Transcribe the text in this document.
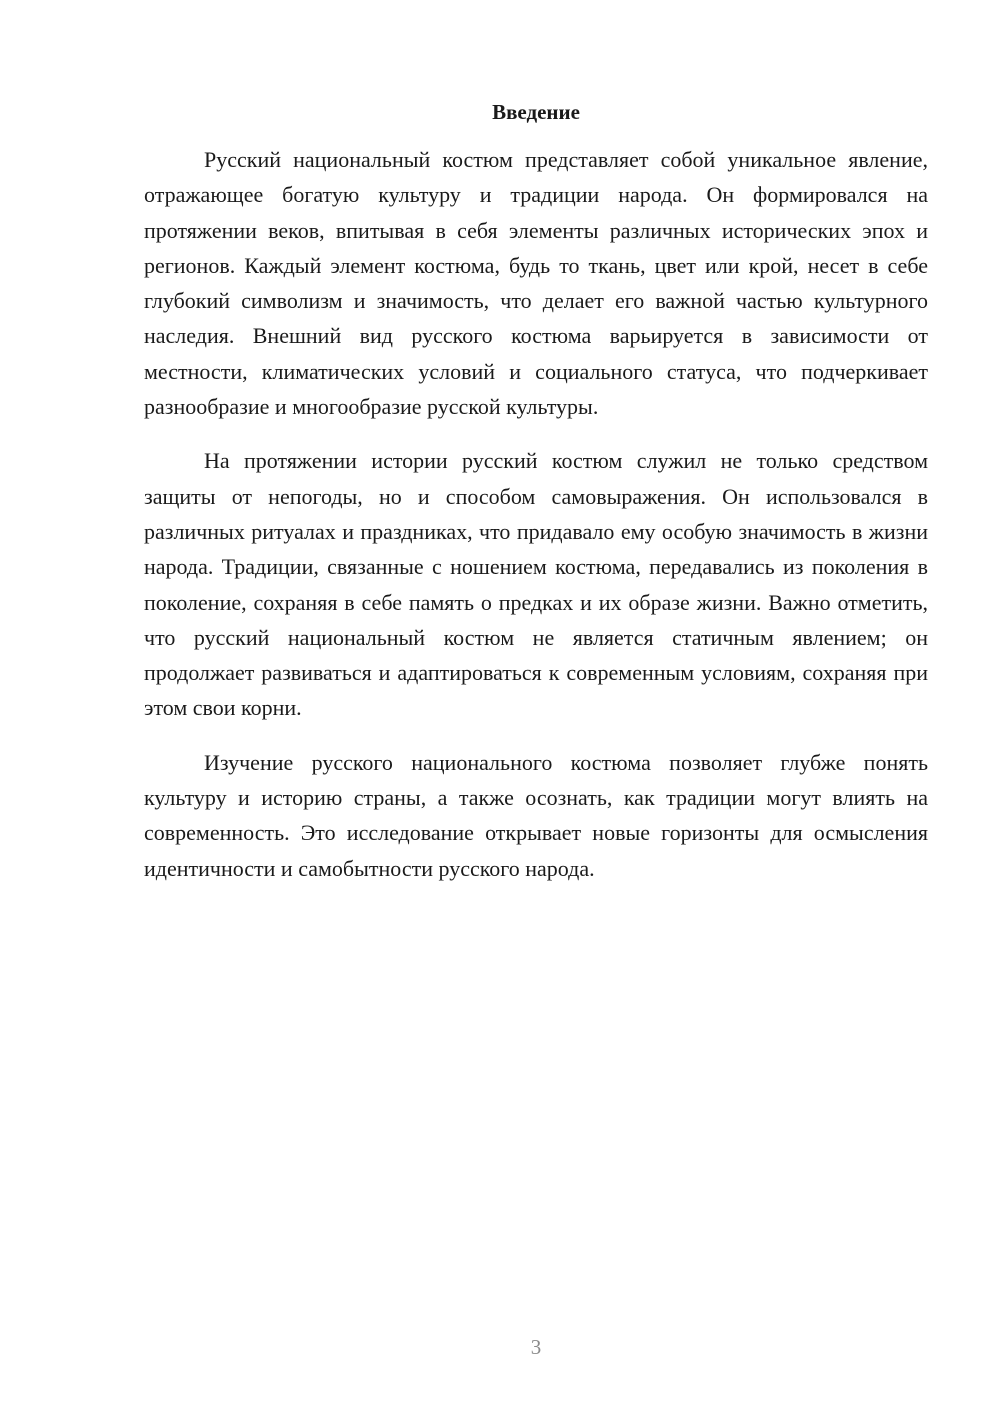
Введение

Русский национальный костюм представляет собой уникальное явление, отражающее богатую культуру и традиции народа. Он формировался на протяжении веков, впитывая в себя элементы различных исторических эпох и регионов. Каждый элемент костюма, будь то ткань, цвет или крой, несет в себе глубокий символизм и значимость, что делает его важной частью культурного наследия. Внешний вид русского костюма варьируется в зависимости от местности, климатических условий и социального статуса, что подчеркивает разнообразие и многообразие русской культуры.

На протяжении истории русский костюм служил не только средством защиты от непогоды, но и способом самовыражения. Он использовался в различных ритуалах и праздниках, что придавало ему особую значимость в жизни народа. Традиции, связанные с ношением костюма, передавались из поколения в поколение, сохраняя в себе память о предках и их образе жизни. Важно отметить, что русский национальный костюм не является статичным явлением; он продолжает развиваться и адаптироваться к современным условиям, сохраняя при этом свои корни.

Изучение русского национального костюма позволяет глубже понять культуру и историю страны, а также осознать, как традиции могут влиять на современность. Это исследование открывает новые горизонты для осмысления идентичности и самобытности русского народа.

3
